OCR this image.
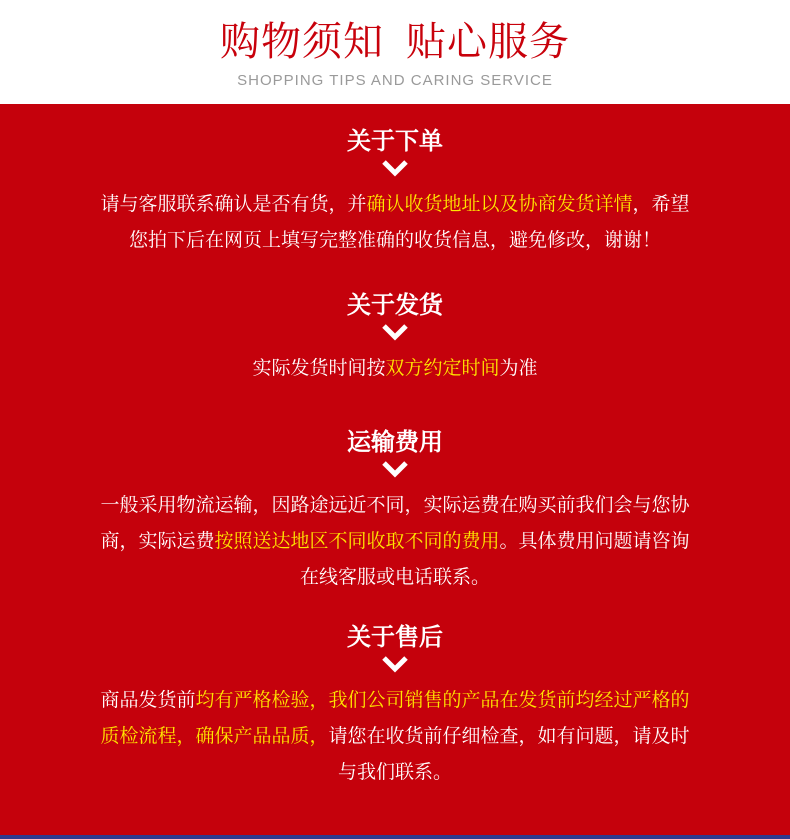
购物须知 贴心服务
SHOPPING TIPS AND CARING SERVICE
关于下单
请与客服联系确认是否有货，并确认收货地址以及协商发货详情，希望
您拍下后在网页上填写完整准确的收货信息，避免修改，谢谢！
关于发货
实际发货时间按双方约定时间为准
运输费用
一般采用物流运输，因路途远近不同，实际运费在购买前我们会与您协
商，实际运费按照送达地区不同收取不同的费用。具体费用问题请咨询
在线客服或电话联系。
关于售后
商品发货前均有严格检验，我们公司销售的产品在发货前均经过严格的
质检流程，确保产品品质，请您在收货前仔细检查，如有问题，请及时
与我们联系。
